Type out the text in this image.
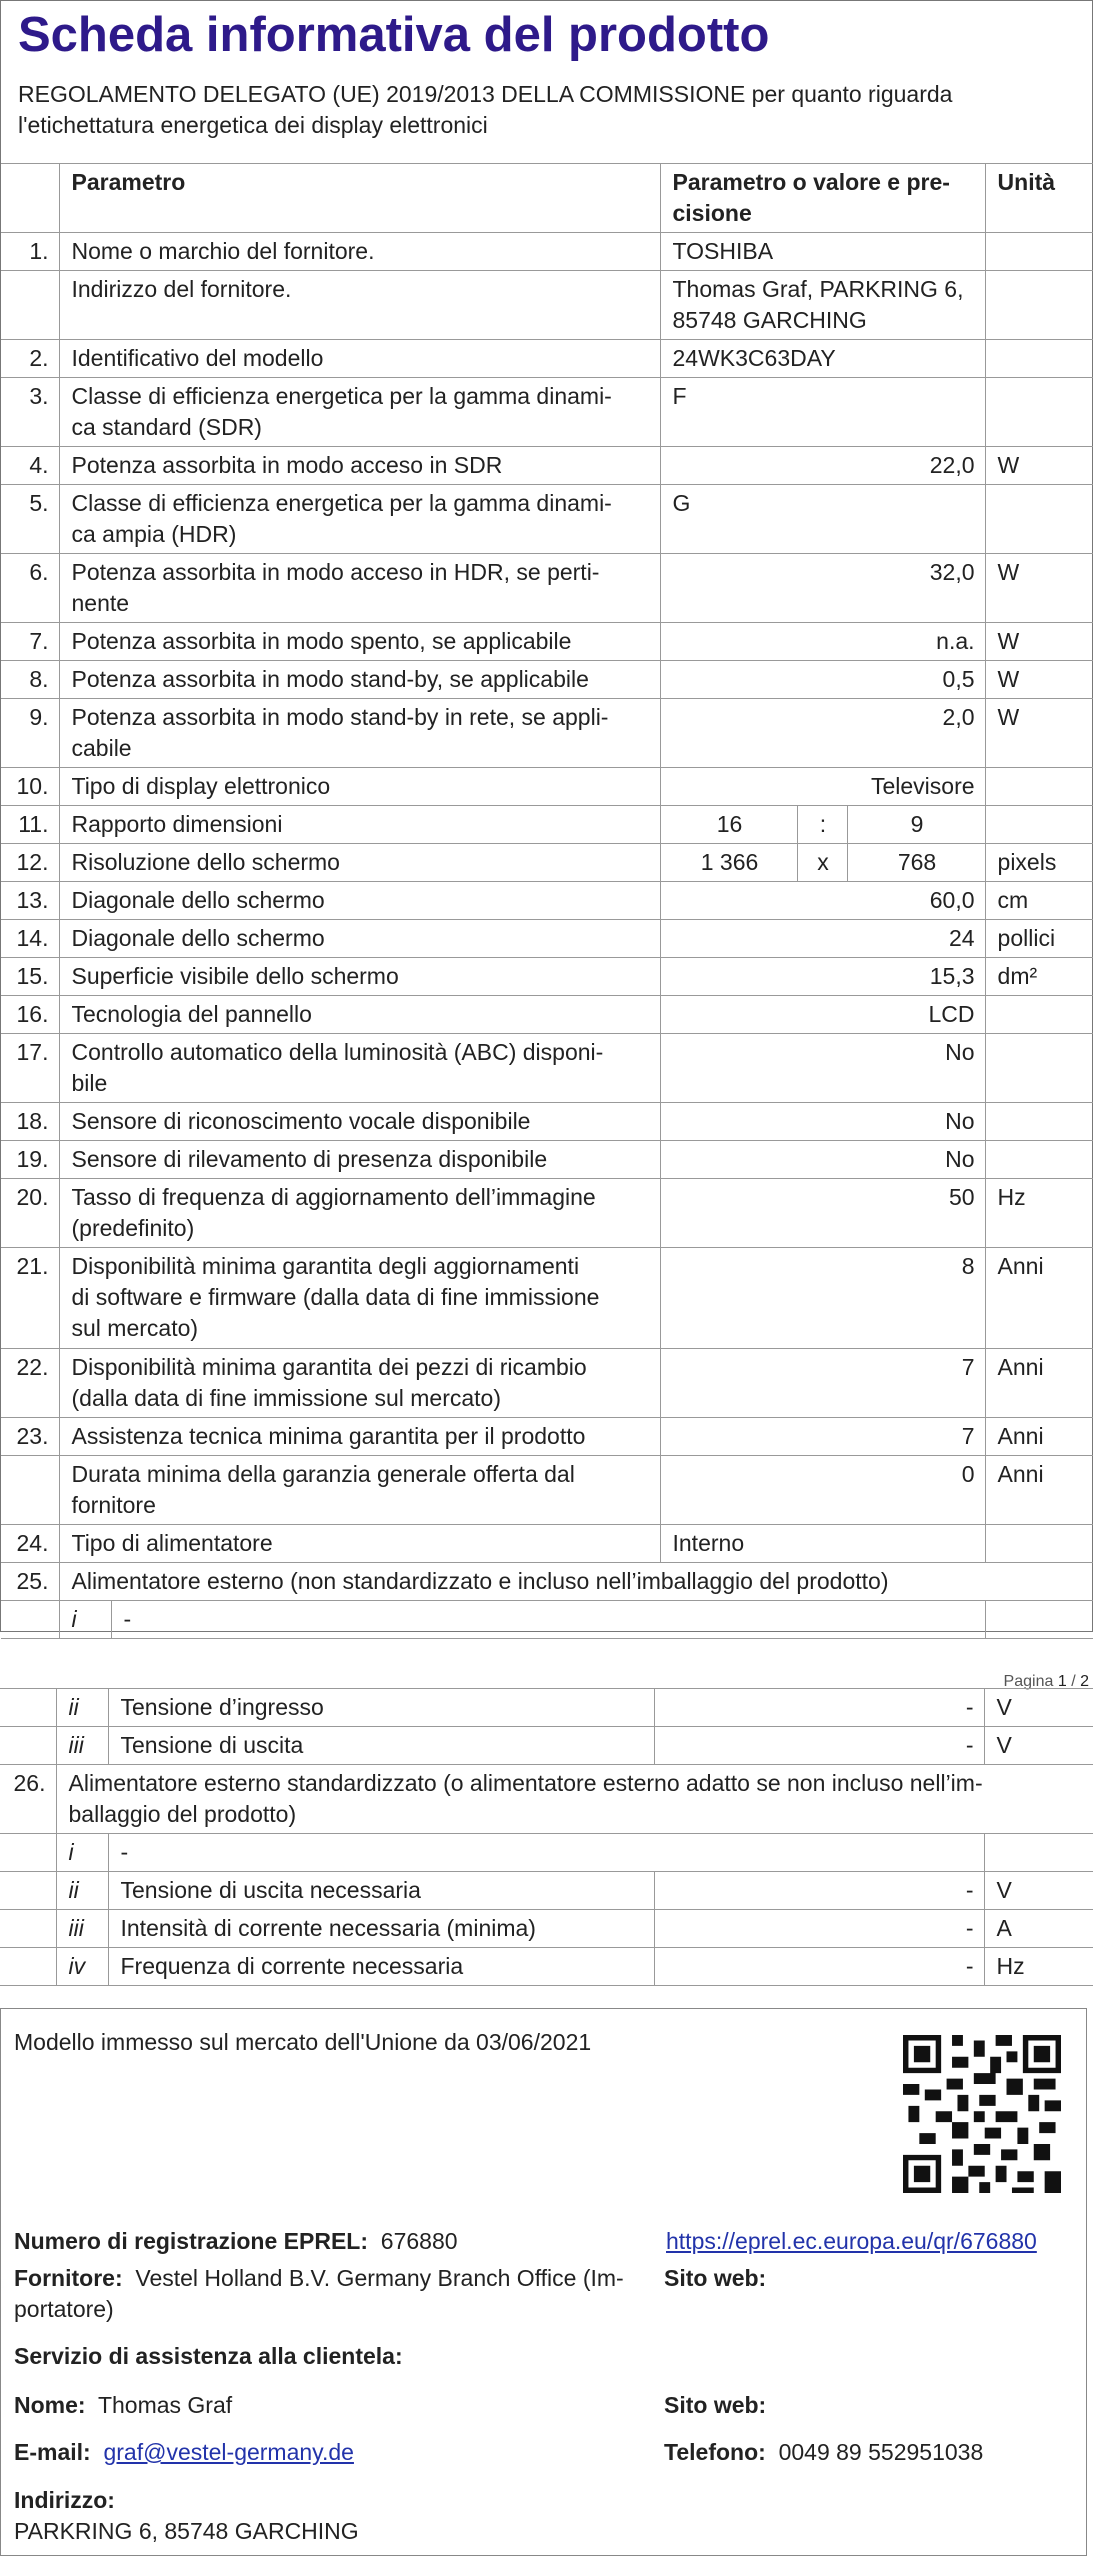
Scheda informativa del prodotto
REGOLAMENTO DELEGATO (UE) 2019/2013 DELLA COMMISSIONE per quanto riguarda
l'etichettatura energetica dei display elettronici
	Parametro		Parametro o valore e pre-
cisione			Unità
1.	Nome o marchio del fornitore.		TOSHIBA			
	Indirizzo del fornitore.		Thomas Graf, PARKRING 6,
85748 GARCHING			

2.	Identificativo del modello		24WK3C63DAY			
3.	Classe di efficienza energetica per la gamma dinami-
ca standard (SDR)		F			
4.	Potenza assorbita in modo acceso in SDR		22,0			W
5.	Classe di efficienza energetica per la gamma dinami-
ca ampia (HDR)		G			
6.	Potenza assorbita in modo acceso in HDR, se perti-
nente		32,0			W
7.	Potenza assorbita in modo spento, se applicabile		n.a.			W
8.	Potenza assorbita in modo stand-by, se applicabile		0,5			W
9.	Potenza assorbita in modo stand-by in rete, se appli-
cabile		2,0			W
10.	Tipo di display elettronico		Televisore			
11.	Rapporto dimensioni		16	:	9	
12.	Risoluzione dello schermo		1 366	x	768	pixels
13.	Diagonale dello schermo		60,0			cm
14.	Diagonale dello schermo		24			pollici
15.	Superficie visibile dello schermo		15,3			dm²
16.	Tecnologia del pannello		LCD			
17.	Controllo automatico della luminosità (ABC) disponi-
bile		No			
18.	Sensore di riconoscimento vocale disponibile		No			
19.	Sensore di rilevamento di presenza disponibile		No			
20.	Tasso di frequenza di aggiornamento dell’immagine
(predefinito)		50			Hz
21.	Disponibilità minima garantita degli aggiornamenti
di software e firmware (dalla data di fine immissione
sul mercato)		8			Anni
22.	Disponibilità minima garantita dei pezzi di ricambio
(dalla data di fine immissione sul mercato)		7			Anni
23.	Assistenza tecnica minima garantita per il prodotto		7			Anni

	Durata minima della garanzia generale offerta dal
fornitore		0			Anni
24.	Tipo di alimentatore		Interno			
25.	Alimentatore esterno (non standardizzato e incluso nell’imballaggio del prodotto)					
	i	-				
Pagina 1 / 2
	ii	Tensione d’ingresso	-	V
	iii	Tensione di uscita	-	V
26.	Alimentatore esterno standardizzato (o alimentatore esterno adatto se non incluso nell’im-
ballaggio del prodotto)			

	i	-		
	ii	Tensione di uscita necessaria	-	V
	iii	Intensità di corrente necessaria (minima)	-	A
	iv	Frequenza di corrente necessaria	-	Hz
Modello immesso sul mercato dell'Unione da 03/06/2021
Numero di registrazione EPREL: 676880	https://eprel.ec.europa.eu/qr/676880
Fornitore: Vestel Holland B.V. Germany Branch Office (Im-
portatore)
Sito web:
Servizio di assistenza alla clientela:
Nome: Thomas Graf	Sito web:
E-mail: graf@vestel-germany.de	Telefono: 0049 89 552951038
Indirizzo:
PARKRING 6, 85748 GARCHING
